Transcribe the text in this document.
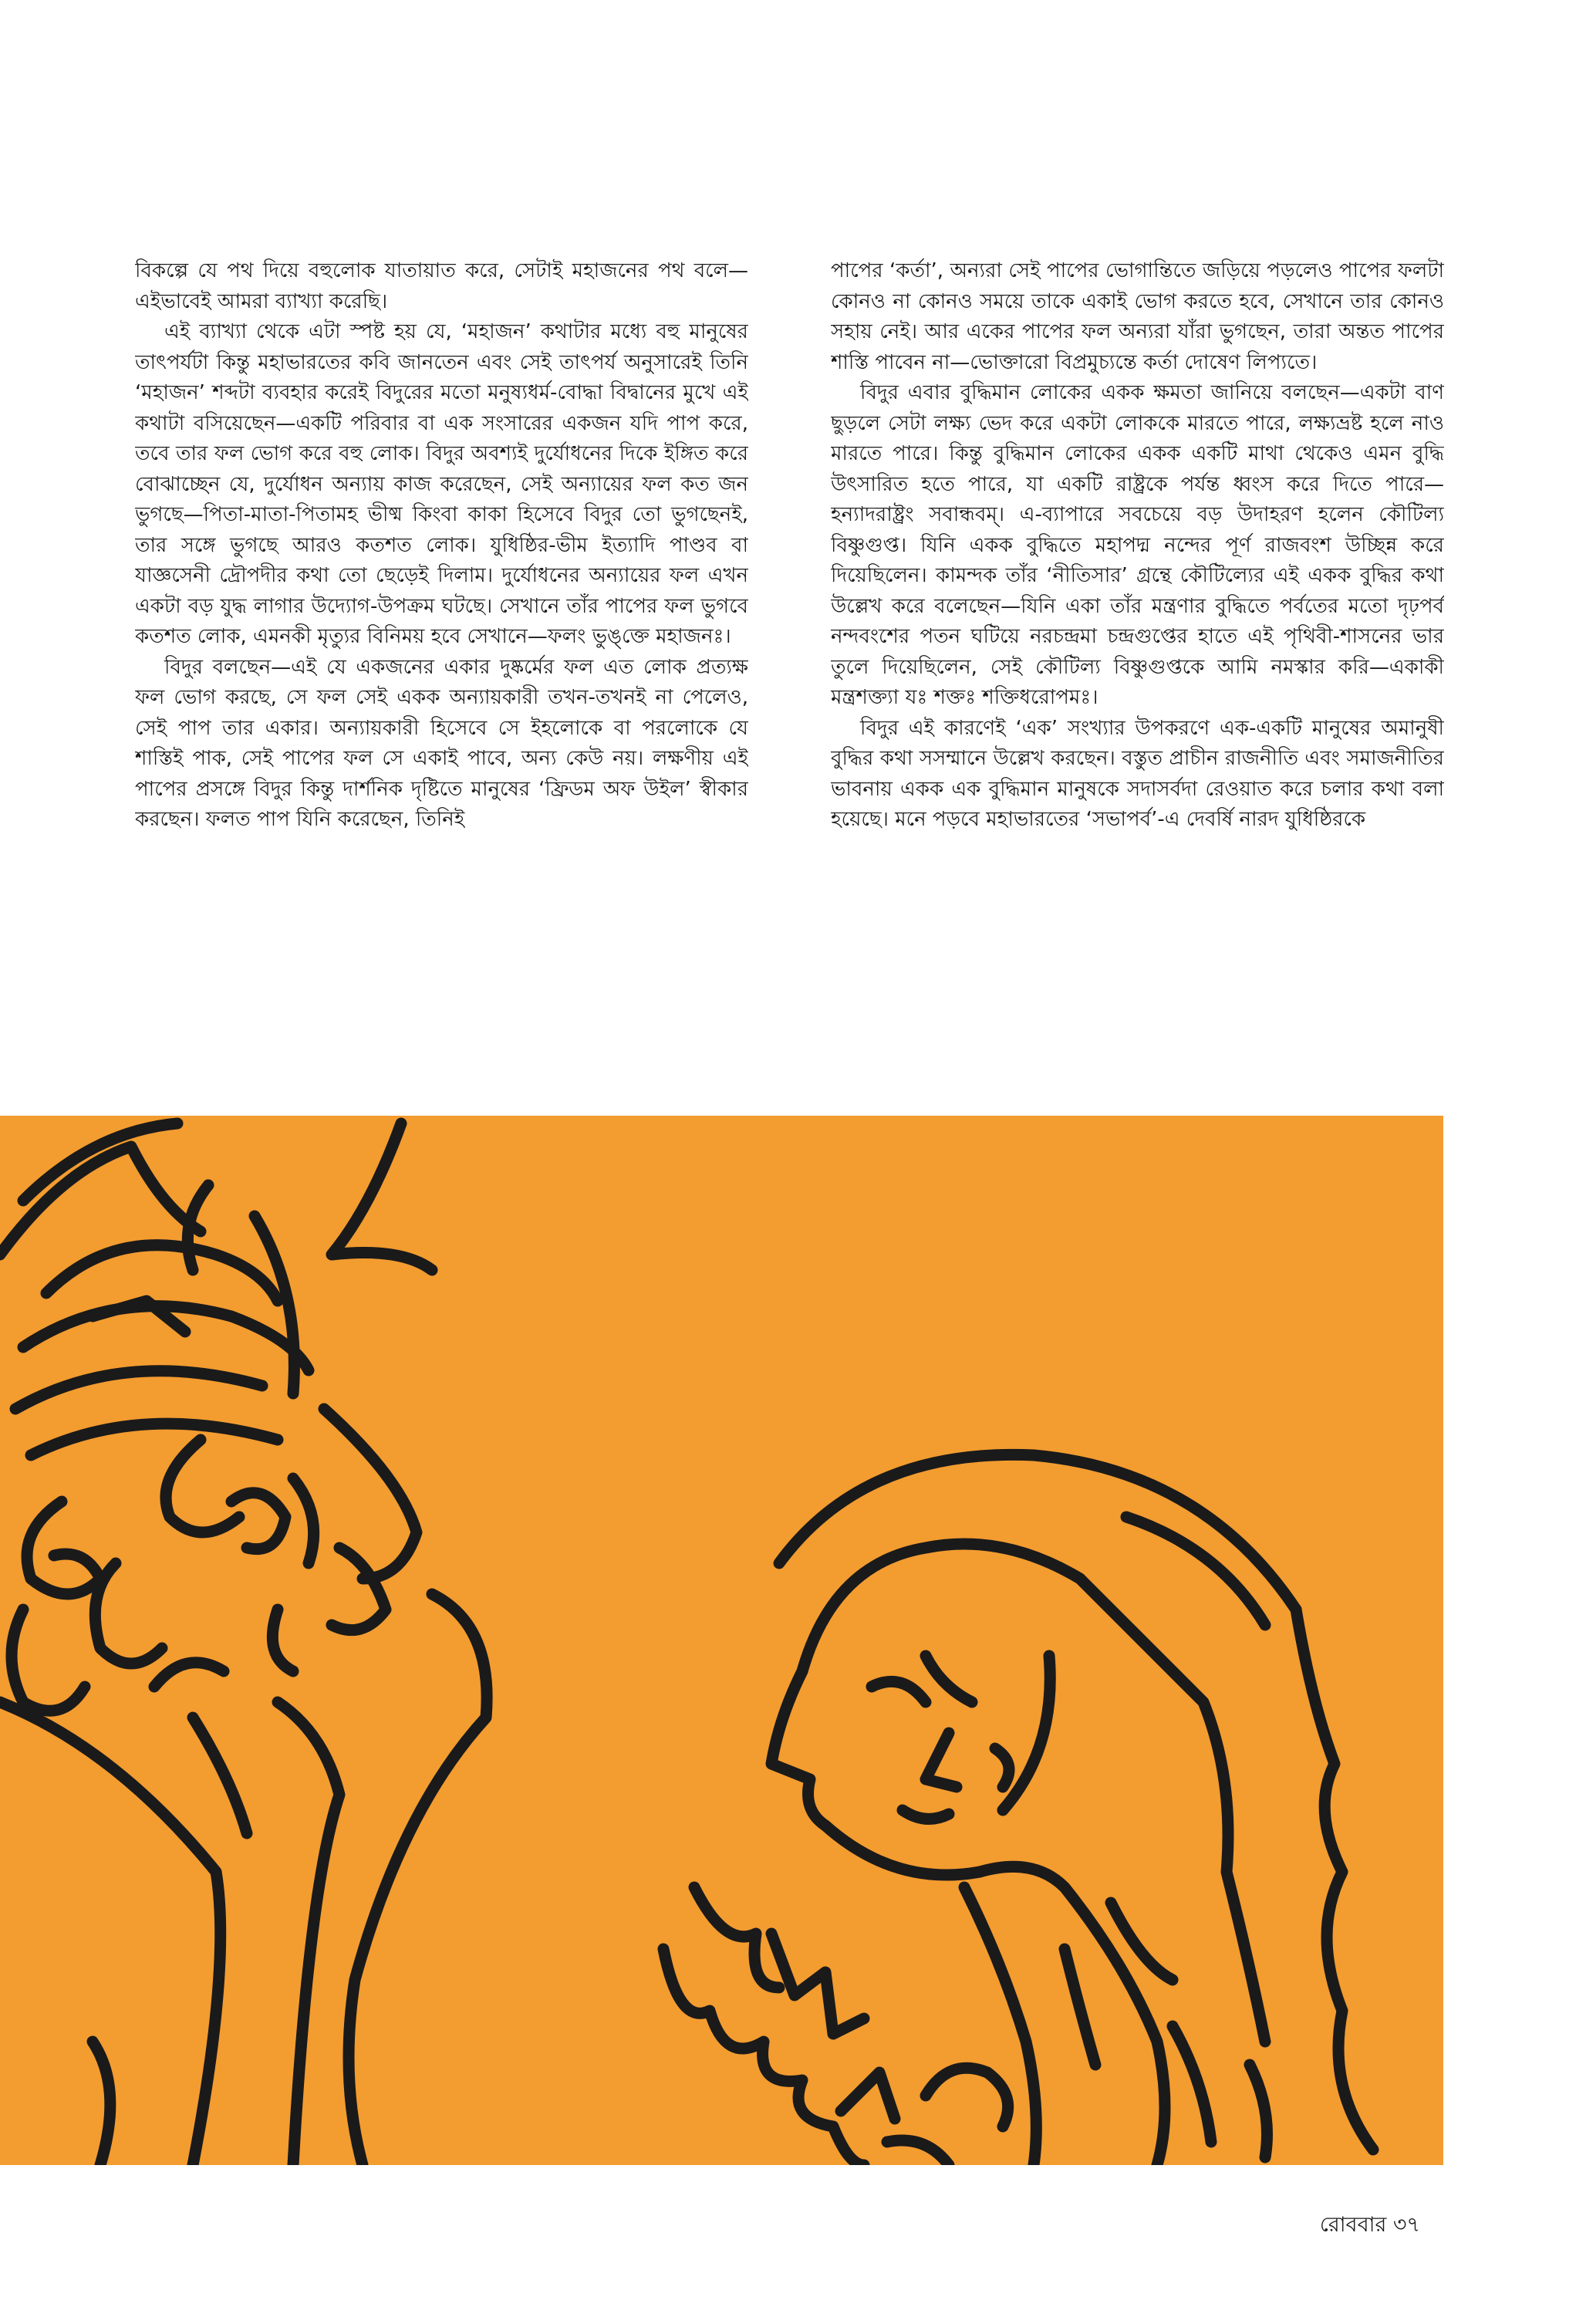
বিকল্পে যে পথ দিয়ে বহুলোক যাতায়াত করে, সেটাই মহাজনের পথ বলে—এইভাবেই আমরা ব্যাখ্যা করেছি।

এই ব্যাখ্যা থেকে এটা স্পষ্ট হয় যে, ‘মহাজন’ কথাটার মধ্যে বহু মানুষের তাৎপর্যটা কিন্তু মহাভারতের কবি জানতেন এবং সেই তাৎপর্য অনুসারেই তিনি ‘মহাজন’ শব্দটা ব্যবহার করেই বিদুরের মতো মনুষ্যধর্ম-বোদ্ধা বিদ্বানের মুখে এই কথাটা বসিয়েছেন—একটি পরিবার বা এক সংসারের একজন যদি পাপ করে, তবে তার ফল ভোগ করে বহু লোক। বিদুর অবশ্যই দুর্যোধনের দিকে ইঙ্গিত করে বোঝাচ্ছেন যে, দুর্যোধন অন্যায় কাজ করেছেন, সেই অন্যায়ের ফল কত জন ভুগছে—পিতা-মাতা-পিতামহ ভীষ্ম কিংবা কাকা হিসেবে বিদুর তো ভুগছেনই, তার সঙ্গে ভুগছে আরও কতশত লোক। যুধিষ্ঠির-ভীম ইত্যাদি পাণ্ডব বা যাজ্ঞসেনী দ্রৌপদীর কথা তো ছেড়েই দিলাম। দুর্যোধনের অন্যায়ের ফল এখন একটা বড় যুদ্ধ লাগার উদ্যোগ-উপক্রম ঘটছে। সেখানে তাঁর পাপের ফল ভুগবে কতশত লোক, এমনকী মৃত্যুর বিনিময় হবে সেখানে—ফলং ভুঙ্‌ক্তে মহাজনঃ।

বিদুর বলছেন—এই যে একজনের একার দুষ্কর্মের ফল এত লোক প্রত্যক্ষ ফল ভোগ করছে, সে ফল সেই একক অন্যায়কারী তখন-তখনই না পেলেও, সেই পাপ তার একার। অন্যায়কারী হিসেবে সে ইহলোকে বা পরলোকে যে শাস্তিই পাক, সেই পাপের ফল সে একাই পাবে, অন্য কেউ নয়। লক্ষণীয় এই পাপের প্রসঙ্গে বিদুর কিন্তু দার্শনিক দৃষ্টিতে মানুষের ‘ফ্রিডম অফ উইল’ স্বীকার করছেন। ফলত পাপ যিনি করেছেন, তিনিই

পাপের ‘কর্তা’, অন্যরা সেই পাপের ভোগান্তিতে জড়িয়ে পড়লেও পাপের ফলটা কোনও না কোনও সময়ে তাকে একাই ভোগ করতে হবে, সেখানে তার কোনও সহায় নেই। আর একের পাপের ফল অন্যরা যাঁরা ভুগছেন, তারা অন্তত পাপের শাস্তি পাবেন না—ভোক্তারো বিপ্রমুচ্যন্তে কর্তা দোষেণ লিপ্যতে।

বিদুর এবার বুদ্ধিমান লোকের একক ক্ষমতা জানিয়ে বলছেন—একটা বাণ ছুড়লে সেটা লক্ষ্য ভেদ করে একটা লোককে মারতে পারে, লক্ষ্যভ্রষ্ট হলে নাও মারতে পারে। কিন্তু বুদ্ধিমান লোকের একক একটি মাথা থেকেও এমন বুদ্ধি উৎসারিত হতে পারে, যা একটি রাষ্ট্রকে পর্যন্ত ধ্বংস করে দিতে পারে—হন্যাদরাষ্ট্রং সবান্ধবম্‌। এ-ব্যাপারে সবচেয়ে বড় উদাহরণ হলেন কৌটিল্য বিষ্ণুগুপ্ত। যিনি একক বুদ্ধিতে মহাপদ্ম নন্দের পূর্ণ রাজবংশ উচ্ছিন্ন করে দিয়েছিলেন। কামন্দক তাঁর ‘নীতিসার’ গ্রন্থে কৌটিল্যের এই একক বুদ্ধির কথা উল্লেখ করে বলেছেন—যিনি একা তাঁর মন্ত্রণার বুদ্ধিতে পর্বতের মতো দৃঢ়পর্ব নন্দবংশের পতন ঘটিয়ে নরচন্দ্রমা চন্দ্রগুপ্তের হাতে এই পৃথিবী-শাসনের ভার তুলে দিয়েছিলেন, সেই কৌটিল্য বিষ্ণুগুপ্তকে আমি নমস্কার করি—একাকী মন্ত্রশক্ত্যা যঃ শক্তঃ শক্তিধরোপমঃ।

বিদুর এই কারণেই ‘এক’ সংখ্যার উপকরণে এক-একটি মানুষের অমানুষী বুদ্ধির কথা সসম্মানে উল্লেখ করছেন। বস্তুত প্রাচীন রাজনীতি এবং সমাজনীতির ভাবনায় একক এক বুদ্ধিমান মানুষকে সদাসর্বদা রেওয়াত করে চলার কথা বলা হয়েছে। মনে পড়বে মহাভারতের ‘সভাপর্ব’-এ দেবর্ষি নারদ যুধিষ্ঠিরকে

রোববার ৩৭
